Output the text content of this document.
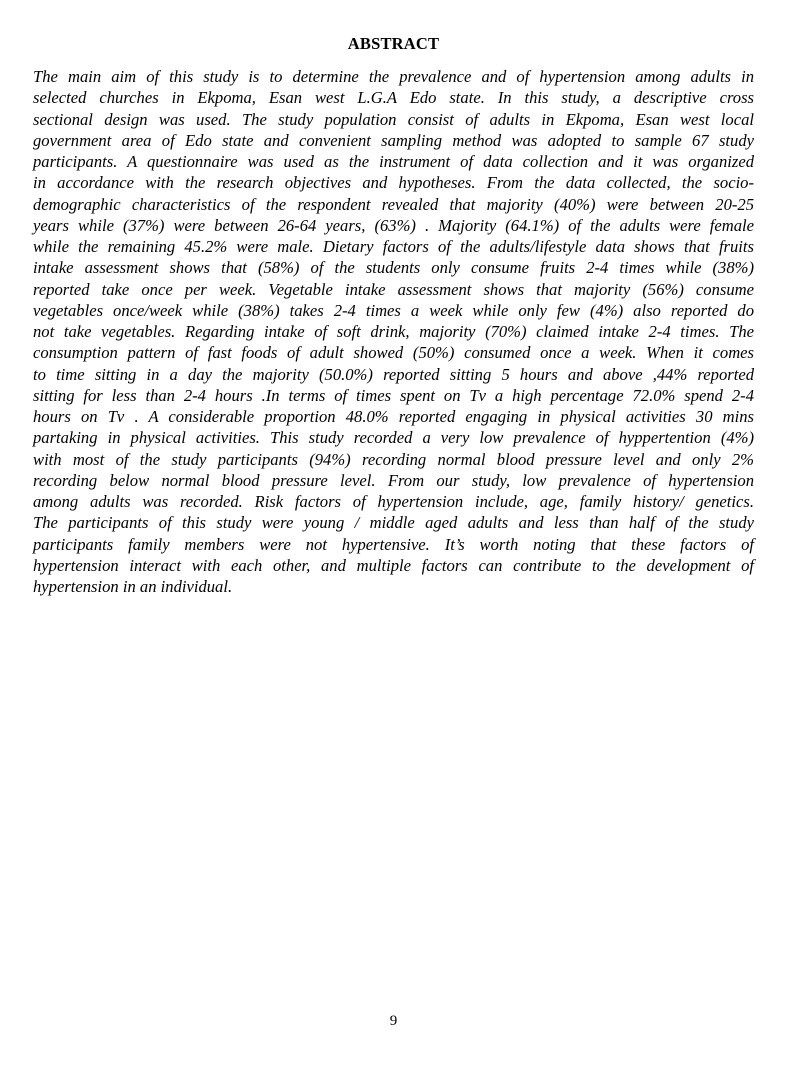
ABSTRACT
The main aim of this study is to determine the prevalence and of hypertension among adults in
selected churches in Ekpoma, Esan west L.G.A Edo state. In this study, a descriptive cross
sectional design was used. The study population consist of adults in Ekpoma, Esan west local
government area of Edo state and convenient sampling method was adopted to sample 67 study
participants. A questionnaire was used as the instrument of data collection and it was organized
in accordance with the research objectives and hypotheses. From the data collected, the socio-
demographic characteristics of the respondent revealed that majority (40%) were between 20-25
years while (37%) were between 26-64 years, (63%) . Majority (64.1%) of the adults were female
while the remaining 45.2% were male. Dietary factors of the adults/lifestyle data shows that fruits
intake assessment shows that (58%) of the students only consume fruits 2-4 times while (38%)
reported take once per week. Vegetable intake assessment shows that majority (56%) consume
vegetables once/week while (38%) takes 2-4 times a week while only few (4%) also reported do
not take vegetables. Regarding intake of soft drink, majority (70%) claimed intake 2-4 times. The
consumption pattern of fast foods of adult showed (50%) consumed once a week. When it comes
to time sitting in a day the majority (50.0%) reported sitting 5 hours and above ,44% reported
sitting for less than 2-4 hours .In terms of times spent on Tv a high percentage 72.0% spend 2-4
hours on Tv . A considerable proportion 48.0% reported engaging in physical activities 30 mins
partaking in physical activities. This study recorded a very low prevalence of hyppertention (4%)
with most of the study participants (94%) recording normal blood pressure level and only 2%
recording below normal blood pressure level. From our study, low prevalence of hypertension
among adults was recorded. Risk factors of hypertension include, age, family history/ genetics.
The participants of this study were young / middle aged adults and less than half of the study
participants family members were not hypertensive. It’s worth noting that these factors of
hypertension interact with each other, and multiple factors can contribute to the development of
hypertension in an individual.
9
